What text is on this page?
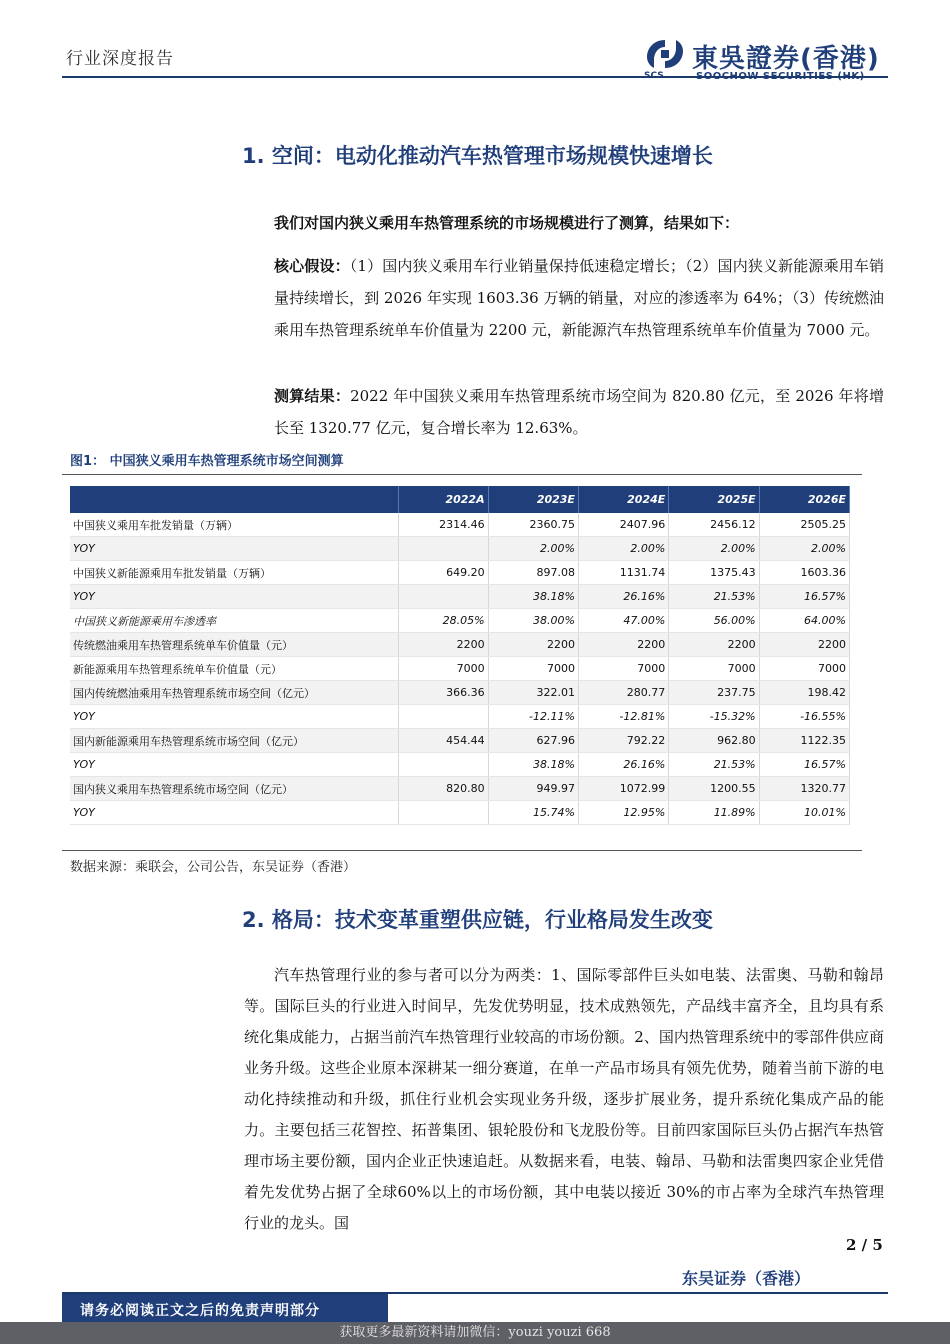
行业深度报告	東吳證券(香港)
1. 空间：电动化推动汽车热管理市场规模快速增长
我们对国内狭义乘用车热管理系统的市场规模进行了测算，结果如下：
核心假设：（1）国内狭义乘用车行业销量保持低速稳定增长；（2）国内狭义新能源乘用车销量持续增长，到 2026 年实现 1603.36 万辆的销量，对应的渗透率为 64%；（3）传统燃油乘用车热管理系统单车价值量为 2200 元，新能源汽车热管理系统单车价值量为 7000 元。
测算结果：2022 年中国狭义乘用车热管理系统市场空间为 820.80 亿元，至 2026 年将增长至 1320.77 亿元，复合增长率为 12.63%。
图1： 中国狭义乘用车热管理系统市场空间测算
	2022A	2023E	2024E	2025E	2026E
中国狭义乘用车批发销量（万辆）	2314.46	2360.75	2407.96	2456.12	2505.25
YOY		2.00%	2.00%	2.00%	2.00%
中国狭义新能源乘用车批发销量（万辆）	649.20	897.08	1131.74	1375.43	1603.36
YOY		38.18%	26.16%	21.53%	16.57%
中国狭义新能源乘用车渗透率	28.05%	38.00%	47.00%	56.00%	64.00%
传统燃油乘用车热管理系统单车价值量（元）	2200	2200	2200	2200	2200
新能源乘用车热管理系统单车价值量（元）	7000	7000	7000	7000	7000
国内传统燃油乘用车热管理系统市场空间（亿元）	366.36	322.01	280.77	237.75	198.42
YOY		-12.11%	-12.81%	-15.32%	-16.55%
国内新能源乘用车热管理系统市场空间（亿元）	454.44	627.96	792.22	962.80	1122.35
YOY		38.18%	26.16%	21.53%	16.57%
国内狭义乘用车热管理系统市场空间（亿元）	820.80	949.97	1072.99	1200.55	1320.77
YOY		15.74%	12.95%	11.89%	10.01%
数据来源：乘联会，公司公告，东吴证券（香港）
2. 格局：技术变革重塑供应链，行业格局发生改变
汽车热管理行业的参与者可以分为两类：1、国际零部件巨头如电装、法雷奥、马勒和翰昂等。国际巨头的行业进入时间早，先发优势明显，技术成熟领先，产品线丰富齐全，且均具有系统化集成能力，占据当前汽车热管理行业较高的市场份额。2、国内热管理系统中的零部件供应商业务升级。这些企业原本深耕某一细分赛道，在单一产品市场具有领先优势，随着当前下游的电动化持续推动和升级，抓住行业机会实现业务升级，逐步扩展业务，提升系统化集成产品的能力。主要包括三花智控、拓普集团、银轮股份和飞龙股份等。目前四家国际巨头仍占据汽车热管理市场主要份额，国内企业正快速追赶。从数据来看，电装、翰昂、马勒和法雷奥四家企业凭借着先发优势占据了全球60%以上的市场份额，其中电装以接近 30%的市占率为全球汽车热管理行业的龙头。国
2 / 5
东吴证券（香港）
请务必阅读正文之后的免责声明部分
获取更多最新资料请加微信：youzi youzi 668
